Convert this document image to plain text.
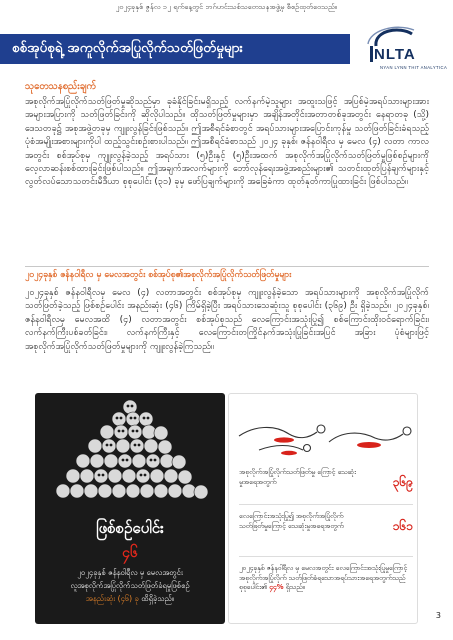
၂၀၂၄ခုနှစ် ဇွန်လ ၁၂ ရက်နေ့တွင် ဘဂ်ဟင်းသစ်သတေသနအဖွဲ့မှ စီစဉ်ထုတ်ဝေသည်။
စစ်အုပ်စုရဲ့ အကူလိုက်အပြုလိုက်သတ်ဖြတ်မှုများ	NLTA
NYAN LYNN THIT ANALYTICA
သုတေသနစည်းချက်
အစုလိုက်အပြုံလိုက်သတ်ဖြတ်မှုဆိုသည်မှာ ခုခံနိုင်ခြင်းမရှိသည့် လက်နက်မဲ့သူများ အထူးသဖြင့် အပြစ်မဲ့အရပ်သားများအား အများအပြားကို သတ်ဖြတ်ခြင်းကို ဆိုလိုပါသည်။ ထိုသတ်ဖြတ်မှုများမှာ အချိန်အတိုင်းအတာတစ်ခုအတွင်း နေရာတခု (သို့) ဒေသတခု၌ အစုအဖွဲ့တခုမှ ကျူးလွန်ခြင်းဖြစ်သည်။ ဤအစီရင်ခံစာတွင် အရပ်သားများအပြောင်းကုန်မှု သတ်ဖြတ်ခြင်းခံရသည့် ပုံစံအမျိုးအစားများကိုပါ ထည့်သွင်းစဥ်းစားပါသည်။ ဤအစီရင်ခံစာသည် ၂၀၂၄ ခုနှစ်၊ ဇန်နဝါရီလ မှ မေလ (၄) လတာ ကာလအတွင်း စစ်အုပ်စုမှ ကျူးလွန်ခဲ့သည့် အရပ်သား (၅)ဦးနှင့် (၅)ဦးအထက် အစုလိုက်အပြုံလိုက်သတ်ဖြတ်မှုဖြစ်စဥ်များကို လေ့လာဆန်းစစ်ထားခြင်းဖြစ်ပါသည်။ ဤအချက်အလက်များကို ဘော်လုန်ရေးအဖွဲ့အစည်းများ၏ သတင်းထုတ်ပြန်ချက်များနှင့် လွတ်လပ်သောသတင်းမီဒီယာ စုစုပေါင်း (၃၁) ခုမှ ဖော်ပြချက်များကို အခြေခံကာ ထုတ်နုတ်ကာပြုထားခြင်း ဖြစ်ပါသည်။
၂၀၂၄ခုနှစ် ဇန်နဝါရီလ မှ မေလအတွင်း စစ်အုပ်စု၏အစုလိုက်အပြုံလိုက်သတ်ဖြတ်မှုများ
၂၀၂၄ခုနှစ် ဇန်နဝါရီလမှ မေလ (၄) လတာအတွင်း စစ်အုပ်စုမှ ကျူးလွန်ခဲ့သော အရပ်သားများကို အစုလိုက်အပြုံလိုက်သတ်ဖြတ်ခဲ့သည့် ဖြစ်စဥ်ပေါင်း အနည်းဆုံး (၄၆) ကြိမ်ရှိခဲ့ပြီး အရပ်သားသေဆုံးသူ စုစုပေါင်း (၃၆၉) ဦး ရှိခဲ့သည်။ ၂၀၂၄ခုနှစ်၊ ဇန်နဝါရီလမှ မေလအထိ (၄) လတာအတွင်း စစ်အုပ်စုသည် လေကြောင်းအသုံးပြု၍ စစ်ကြောင်းထိုးဝင်ရောက်ခြင်း၊ လက်နက်ကြီးပစ်ခတ်ခြင်း၊ လက်နက်ကြီးနှင့် လေကြောင်းတကြိုင်နက်အသုံးပြုခြင်းအပြင် အခြား ပုံစံများဖြင့် အစုလိုက်အပြုံလိုက်သတ်ဖြတ်မှုများကို ကျူးလွန်ခဲ့ကြသည်။
ဖြစ်စဥ်ပေါင်း
၄၆
၂၀၂၄ခုနှစ် ဇန်နဝါရီလ မှ မေလအတွင်း
လူအစုလိုက်အပြုံလိုက်သတ်ဖြတ်ခံရမှုဖြစ်စဥ်
အနည်းဆုံး (၄၆) ခု ထိရှိခဲ့သည်။
အစုလိုက်အပြုံလိုက်သတ်ဖြတ်မှု ကြောင့် သေဆုံးမှုအရေအတွက်	၃၆၉
လေကြောင်းအသုံးပြု၍ အစုလိုက်အပြုံလိုက်သတ်ဖြတ်မှုကြောင့် သေဆုံးမှုအရေအတွက်	၁၆၁
၂၀၂၄ခုနှစ် ဇန်နဝါရီလ မှ မေလအတွင်း လေကြောင်းအသုံးပြုမှုကြောင့် အစုလိုက်အပြုံလိုက် သတ်ဖြတ်ခံရသောအရပ်သားအရေအတွက်သည် စုစုပေါင်း၏ ၄၄% ရှိသည်။
3
